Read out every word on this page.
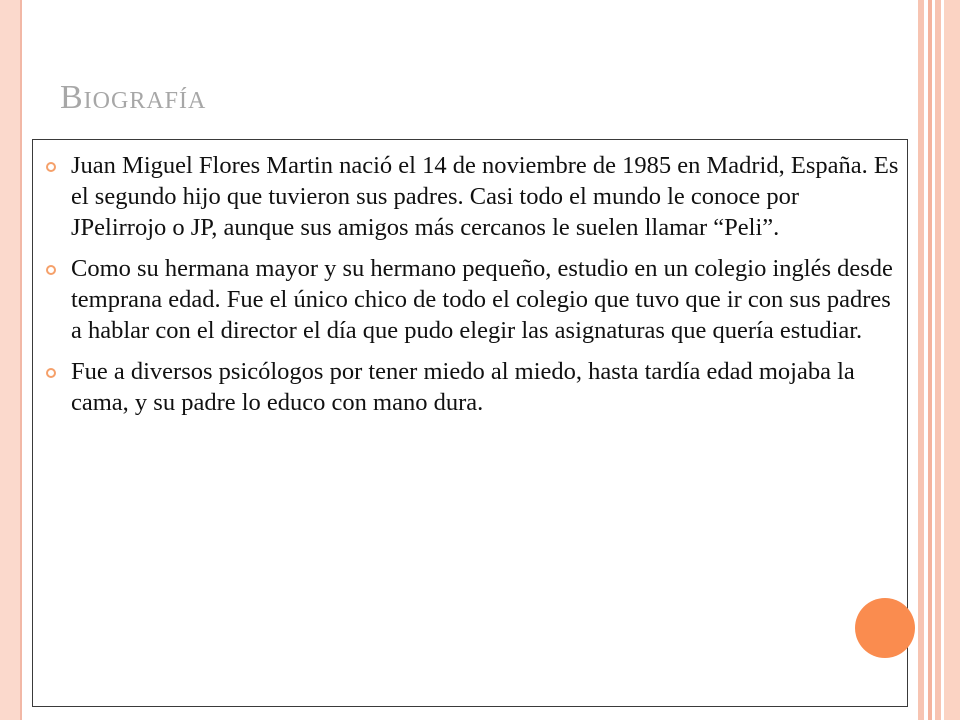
Biografía
Juan Miguel Flores Martin nació el 14 de noviembre de 1985 en Madrid, España. Es el segundo hijo que tuvieron sus padres. Casi todo el mundo le conoce por JPelirrojo o JP, aunque sus amigos más cercanos le suelen llamar “Peli”.
Como su hermana mayor y su hermano pequeño, estudio en un colegio inglés desde temprana edad. Fue el único chico de todo el colegio que tuvo que ir con sus padres a hablar con el director el día que pudo elegir las asignaturas que quería estudiar.
Fue a diversos psicólogos por tener miedo al miedo, hasta tardía edad mojaba la cama, y su padre lo educo con mano dura.
